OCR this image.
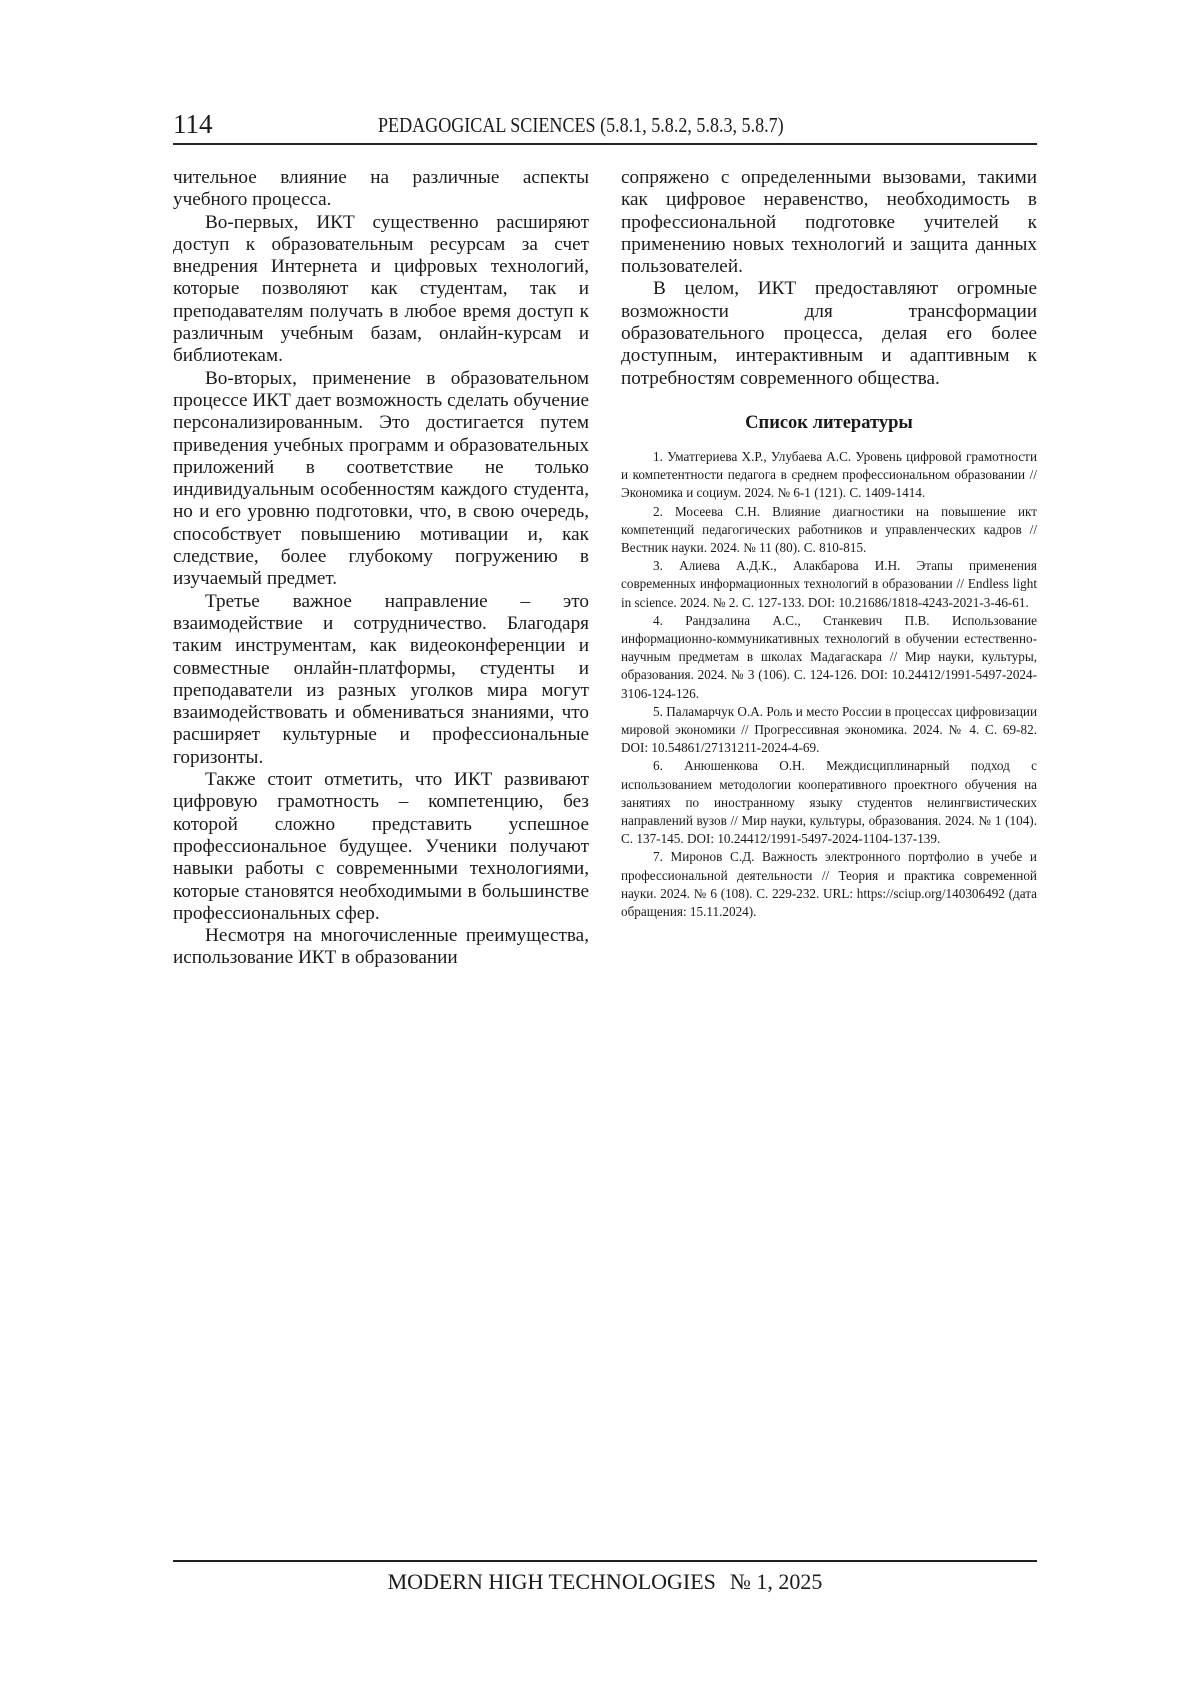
114	PEDAGOGICAL SCIENCES (5.8.1, 5.8.2, 5.8.3, 5.8.7)

чительное влияние на различные аспекты учебного процесса.

Во-первых, ИКТ существенно расширяют доступ к образовательным ресурсам за счет внедрения Интернета и цифровых технологий, которые позволяют как студентам, так и преподавателям получать в любое время доступ к различным учебным базам, онлайн-курсам и библиотекам.

Во-вторых, применение в образовательном процессе ИКТ дает возможность сделать обучение персонализированным. Это достигается путем приведения учебных программ и образовательных приложений в соответствие не только индивидуальным особенностям каждого студента, но и его уровню подготовки, что, в свою очередь, способствует повышению мотивации и, как следствие, более глубокому погружению в изучаемый предмет.

Третье важное направление – это взаимодействие и сотрудничество. Благодаря таким инструментам, как видеоконференции и совместные онлайн-платформы, студенты и преподаватели из разных уголков мира могут взаимодействовать и обмениваться знаниями, что расширяет культурные и профессиональные горизонты.

Также стоит отметить, что ИКТ развивают цифровую грамотность – компетенцию, без которой сложно представить успешное профессиональное будущее. Ученики получают навыки работы с современными технологиями, которые становятся необходимыми в большинстве профессиональных сфер.

Несмотря на многочисленные преимущества, использование ИКТ в образовании

сопряжено с определенными вызовами, такими как цифровое неравенство, необходимость в профессиональной подготовке учителей к применению новых технологий и защита данных пользователей.

В целом, ИКТ предоставляют огромные возможности для трансформации образовательного процесса, делая его более доступным, интерактивным и адаптивным к потребностям современного общества.

Список литературы

1. Уматгериева Х.Р., Улубаева А.С. Уровень цифровой грамотности и компетентности педагога в среднем профессиональном образовании // Экономика и социум. 2024. № 6-1 (121). С. 1409-1414.

2. Мосеева С.Н. Влияние диагностики на повышение икт компетенций педагогических работников и управленческих кадров // Вестник науки. 2024. № 11 (80). С. 810-815.

3. Алиева А.Д.К., Алакбарова И.Н. Этапы применения современных информационных технологий в образовании // Endless light in science. 2024. № 2. С. 127-133. DOI: 10.21686/1818-4243-2021-3-46-61.

4. Рандзалина А.С., Станкевич П.В. Использование информационно-коммуникативных технологий в обучении естественно-научным предметам в школах Мадагаскара // Мир науки, культуры, образования. 2024. № 3 (106). С. 124-126. DOI: 10.24412/1991-5497-2024-3106-124-126.

5. Паламарчук О.А. Роль и место России в процессах цифровизации мировой экономики // Прогрессивная экономика. 2024. № 4. С. 69-82. DOI: 10.54861/27131211-2024-4-69.

6. Анюшенкова О.Н. Междисциплинарный подход с использованием методологии кооперативного проектного обучения на занятиях по иностранному языку студентов нелингвистических направлений вузов // Мир науки, культуры, образования. 2024. № 1 (104). С. 137-145. DOI: 10.24412/1991-5497-2024-1104-137-139.

7. Миронов С.Д. Важность электронного портфолио в учебе и профессиональной деятельности // Теория и практика современной науки. 2024. № 6 (108). С. 229-232. URL: https://sciup.org/140306492 (дата обращения: 15.11.2024).

MODERN HIGH TECHNOLOGIES № 1, 2025
